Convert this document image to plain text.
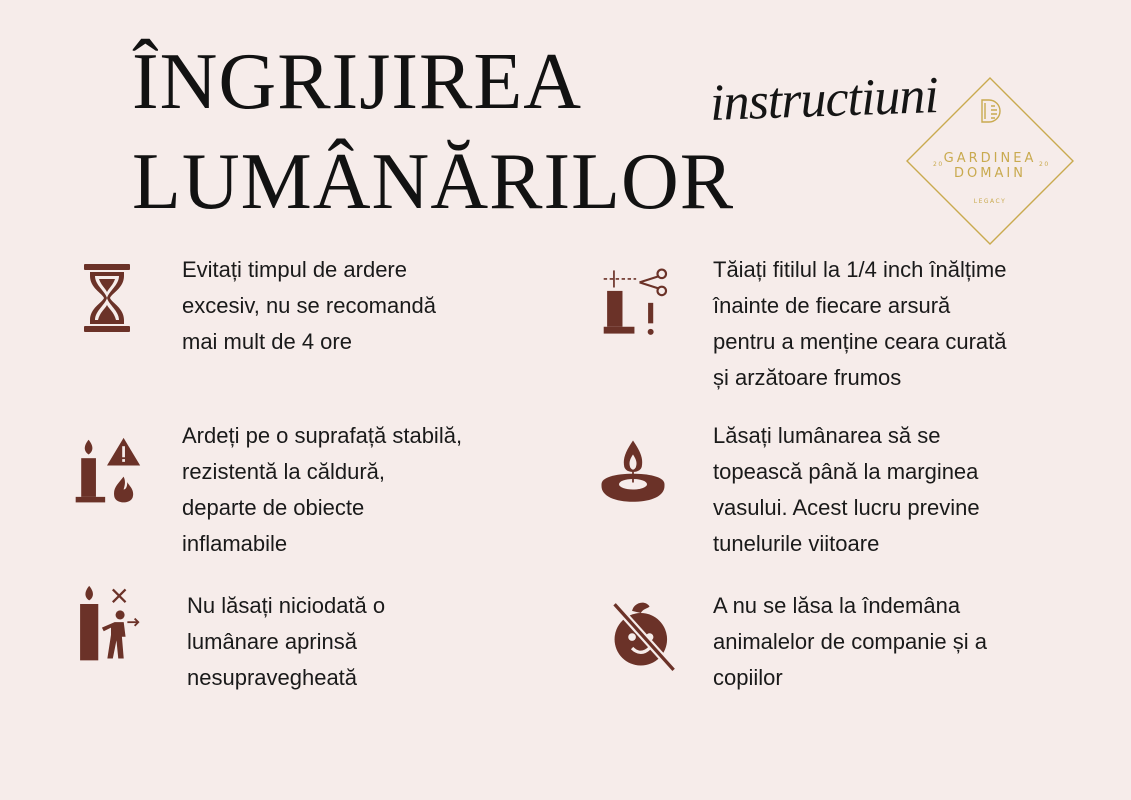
ÎNGRIJIREA
LUMÂNĂRILOR
instructiuni
GARDINEA
DOMAIN
20	20
LEGACY

Evitați timpul de ardere
excesiv, nu se recomandă
mai mult de 4 ore

Tăiați fitilul la 1/4 inch înălțime
înainte de fiecare arsură
pentru a menține ceara curată
și arzătoare frumos

Ardeți pe o suprafață stabilă,
rezistentă la căldură,
departe de obiecte
inflamabile

Lăsați lumânarea să se
topească până la marginea
vasului. Acest lucru previne
tunelurile viitoare

Nu lăsați niciodată o
lumânare aprinsă
nesupravegheată

A nu se lăsa la îndemâna
animalelor de companie și a
copiilor
